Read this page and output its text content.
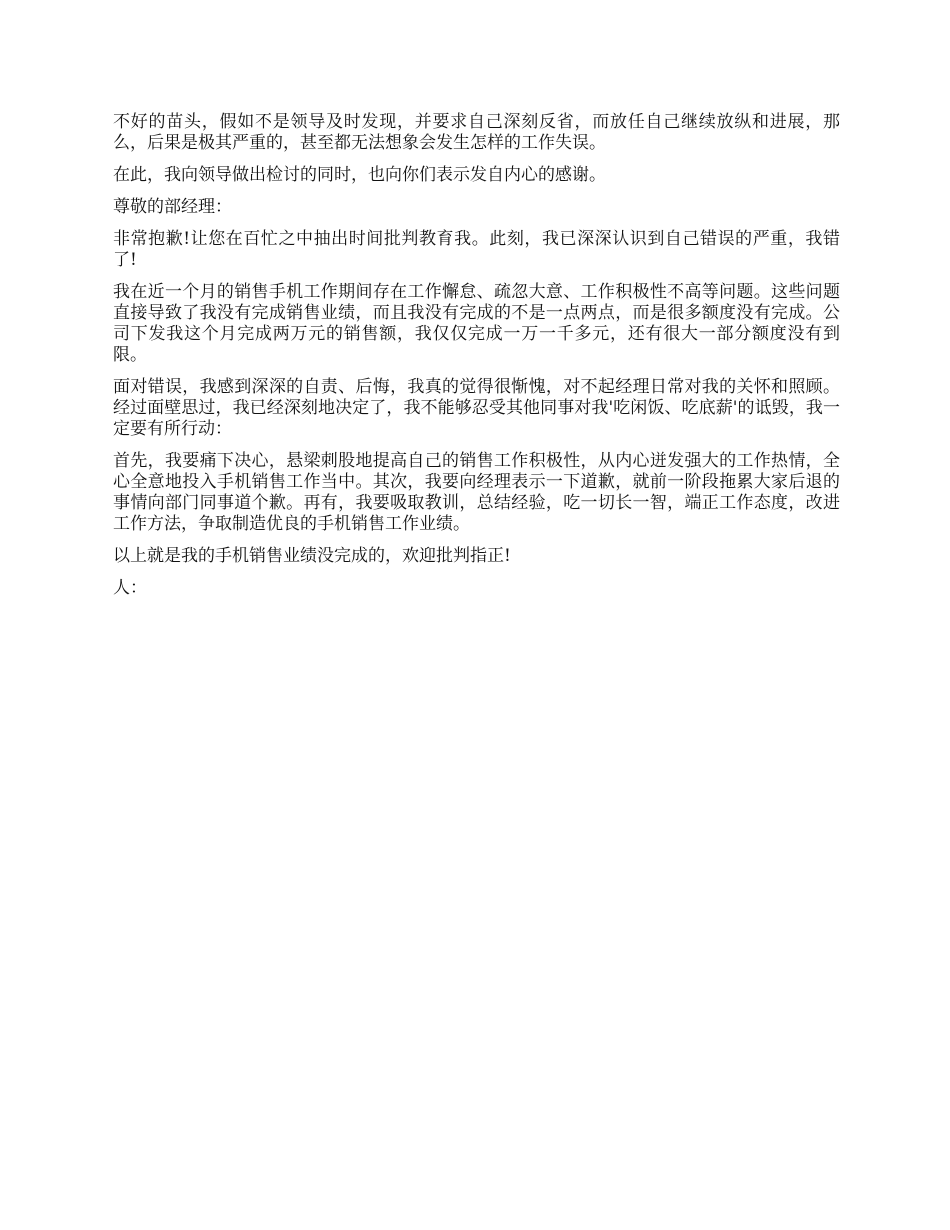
不好的苗头，假如不是领导及时发现，并要求自己深刻反省，而放任自己继续放纵和进展，那么，后果是极其严重的，甚至都无法想象会发生怎样的工作失误。

在此，我向领导做出检讨的同时，也向你们表示发自内心的感谢。

尊敬的部经理：

非常抱歉!让您在百忙之中抽出时间批判教育我。此刻，我已深深认识到自己错误的严重，我错了!

我在近一个月的销售手机工作期间存在工作懈怠、疏忽大意、工作积极性不高等问题。这些问题直接导致了我没有完成销售业绩，而且我没有完成的不是一点两点，而是很多额度没有完成。公司下发我这个月完成两万元的销售额，我仅仅完成一万一千多元，还有很大一部分额度没有到限。

面对错误，我感到深深的自责、后悔，我真的觉得很惭愧，对不起经理日常对我的关怀和照顾。经过面壁思过，我已经深刻地决定了，我不能够忍受其他同事对我'吃闲饭、吃底薪'的诋毁，我一定要有所行动：

首先，我要痛下决心，悬梁刺股地提高自己的销售工作积极性，从内心迸发强大的工作热情，全心全意地投入手机销售工作当中。其次，我要向经理表示一下道歉，就前一阶段拖累大家后退的事情向部门同事道个歉。再有，我要吸取教训，总结经验，吃一切长一智，端正工作态度，改进工作方法，争取制造优良的手机销售工作业绩。

以上就是我的手机销售业绩没完成的，欢迎批判指正!

人：
